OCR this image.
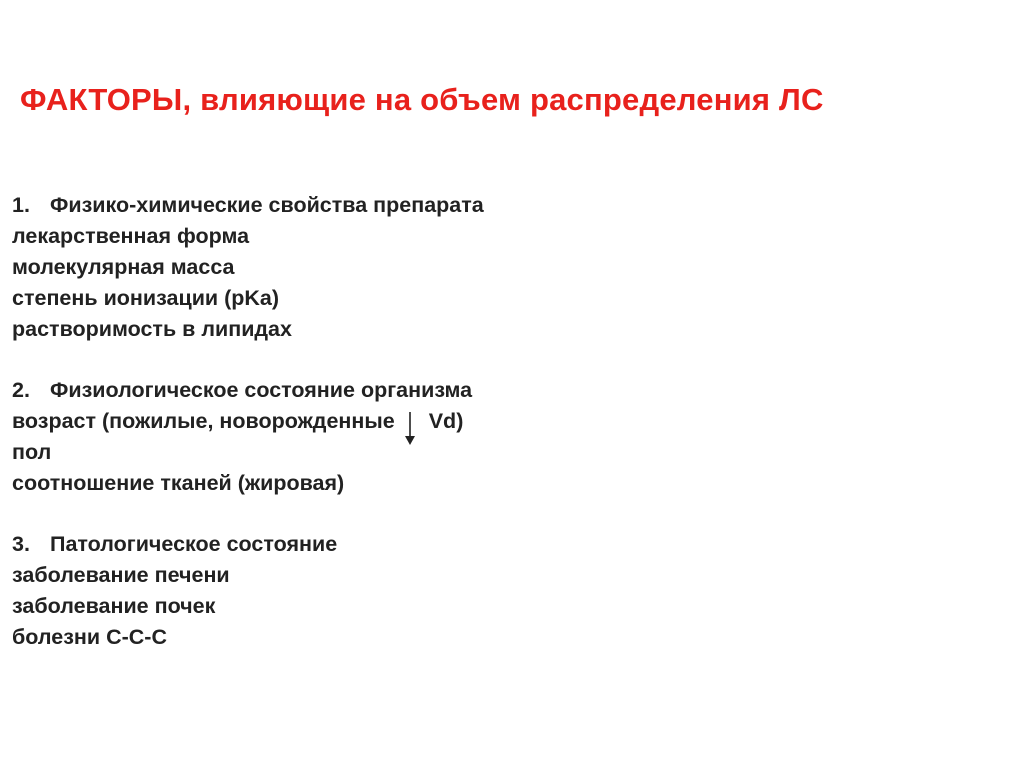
ФАКТОРЫ, влияющие на объем распределения ЛС
1. Физико-химические свойства препарата
лекарственная форма
молекулярная масса
степень ионизации (pKa)
растворимость в липидах
2. Физиологическое состояние организма
возраст (пожилые, новорожденные Vd)
пол
соотношение тканей (жировая)
3. Патологическое состояние
заболевание печени
заболевание почек
болезни С-С-С
